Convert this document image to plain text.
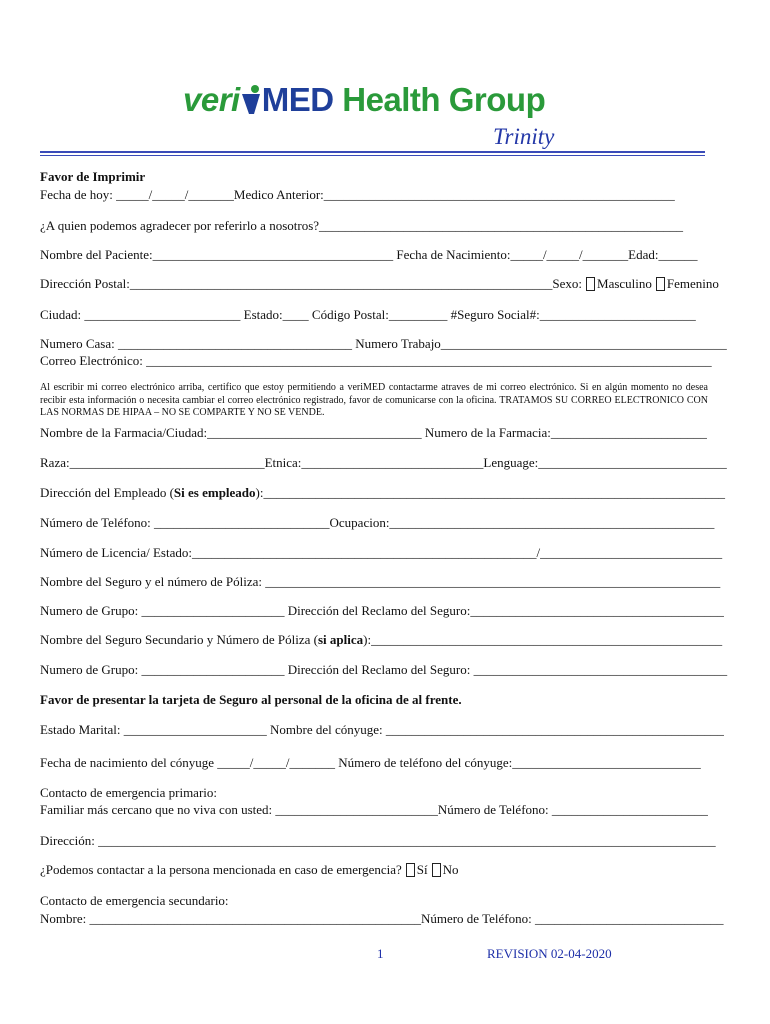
veri MED Health Group
Trinity
Favor de Imprimir
Fecha de hoy: _____/_____/_______Medico Anterior:______________________________________________________
¿A quien podemos agradecer por referirlo a nosotros?________________________________________________________
Nombre del Paciente:_____________________________________ Fecha de Nacimiento:_____/_____/_______Edad:______
Dirección Postal:_________________________________________________________________Sexo: Masculino Femenino
Ciudad: ________________________ Estado:____ Código Postal:_________ #Seguro Social#:________________________
Numero Casa: ____________________________________ Numero Trabajo____________________________________________
Correo Electrónico: _______________________________________________________________________________________
Al escribir mi correo electrónico arriba, certifico que estoy permitiendo a veriMED contactarme atraves de mi correo electrónico. Si en algún momento no desea recibir esta información o necesita cambiar el correo electrónico registrado, favor de comunicarse con la oficina. TRATAMOS SU CORREO ELECTRONICO CON LAS NORMAS DE HIPAA – NO SE COMPARTE Y NO SE VENDE.
Nombre de la Farmacia/Ciudad:_________________________________ Numero de la Farmacia:________________________
Raza:______________________________Etnica:____________________________Lenguage:_____________________________
Dirección del Empleado (Si es empleado):_______________________________________________________________________
Número de Teléfono: ___________________________Ocupacion:__________________________________________________
Número de Licencia/ Estado:_____________________________________________________/____________________________
Nombre del Seguro y el número de Póliza: ______________________________________________________________________
Numero de Grupo: ______________________ Dirección del Reclamo del Seguro:_______________________________________
Nombre del Seguro Secundario y Número de Póliza (si aplica):______________________________________________________
Numero de Grupo: ______________________ Dirección del Reclamo del Seguro: _______________________________________
Favor de presentar la tarjeta de Seguro al personal de la oficina de al frente.
Estado Marital: ______________________ Nombre del cónyuge: ____________________________________________________
Fecha de nacimiento del cónyuge _____/_____/_______ Número de teléfono del cónyuge:_____________________________
Contacto de emergencia primario:
Familiar más cercano que no viva con usted: _________________________Número de Teléfono: ________________________
Dirección: _______________________________________________________________________________________________
¿Podemos contactar a la persona mencionada en caso de emergencia? Sí No
Contacto de emergencia secundario:
Nombre: ___________________________________________________Número de Teléfono: _____________________________
1	REVISION 02-04-2020
